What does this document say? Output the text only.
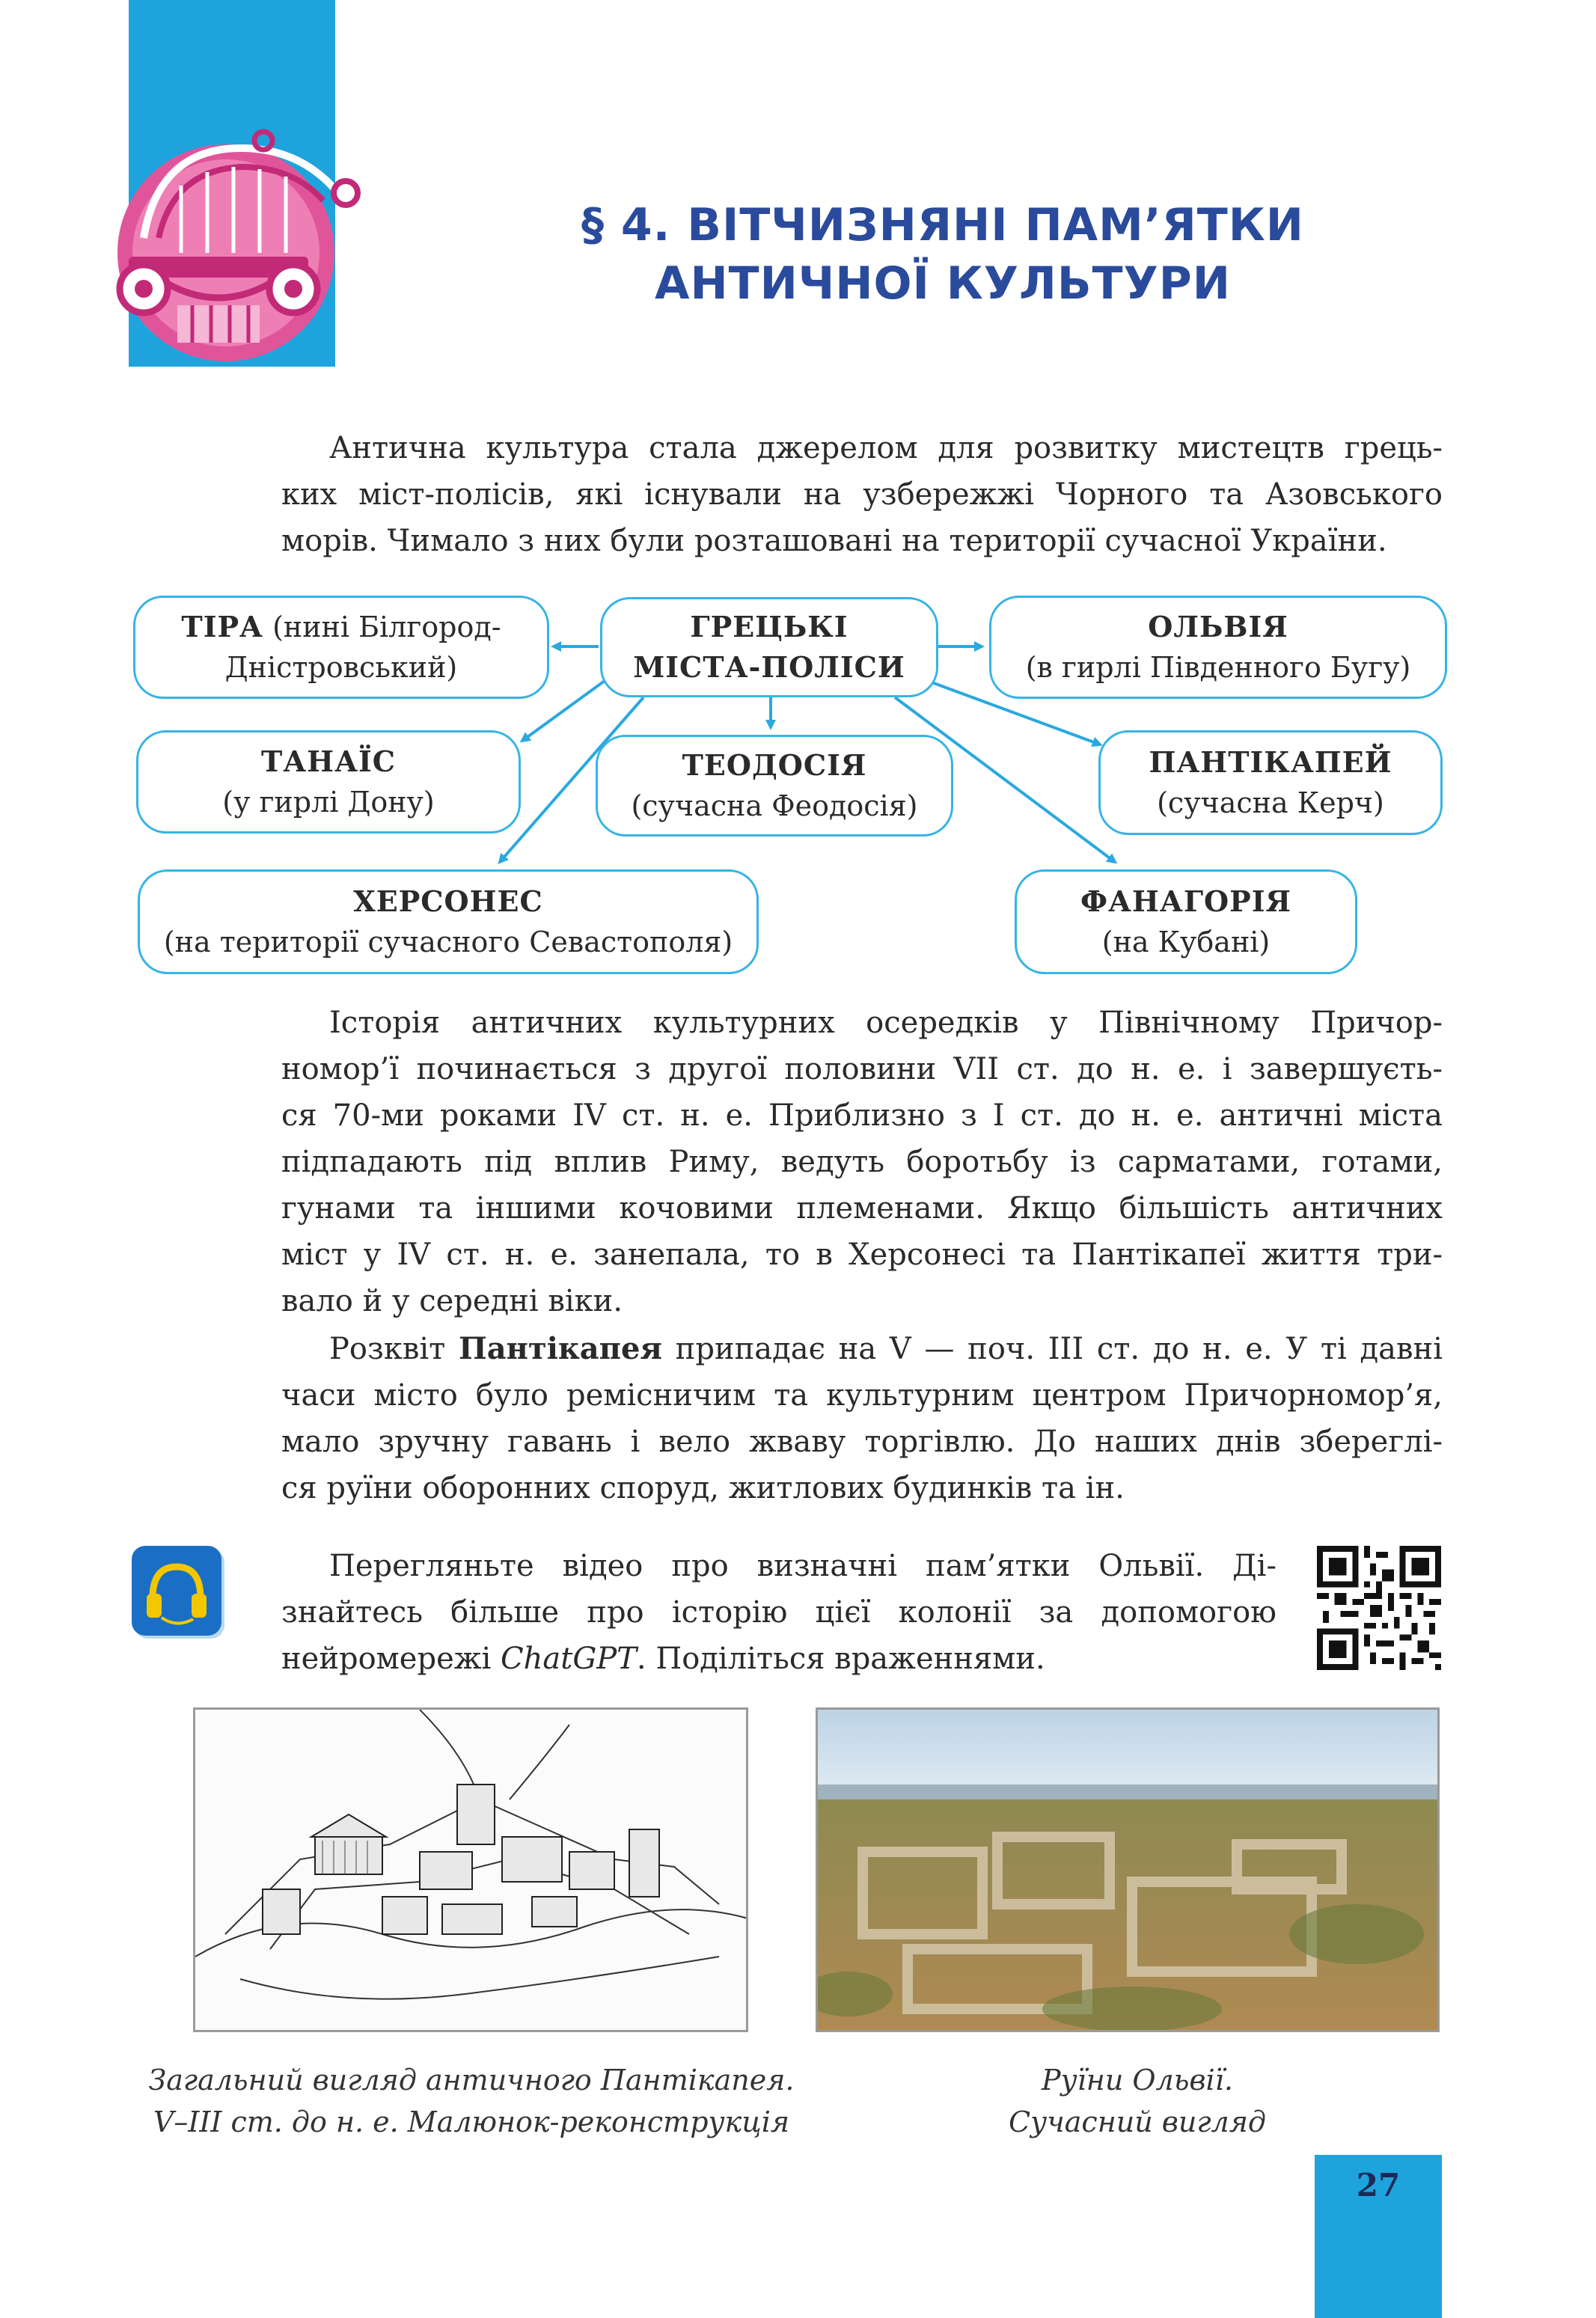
§ 4. ВІТЧИЗНЯНІ ПАМ’ЯТКИ
АНТИЧНОЇ КУЛЬТУРИ
Антична культура стала джерелом для розвитку мистецтв грець-
ких міст-полісів, які існували на узбережжі Чорного та Азовського
морів. Чимало з них були розташовані на території сучасної України.
ГРЕЦЬКІ
МІСТА-ПОЛІСИ
ТІРА (нині Білгород-
Дністровський)
ОЛЬВІЯ
(в гирлі Південного Бугу)
ТАНАЇС
(у гирлі Дону)
ТЕОДОСІЯ
(сучасна Феодосія)
ПАНТІКАПЕЙ
(сучасна Керч)
ХЕРСОНЕС
(на території сучасного Севастополя)
ФАНАГОРІЯ
(на Кубані)
Історія античних культурних осередків у Північному Причор-
номор’ї починається з другої половини VII ст. до н. е. і завершуєть-
ся 70-ми роками IV ст. н. е. Приблизно з I ст. до н. е. античні міста
підпадають під вплив Риму, ведуть боротьбу із сарматами, готами,
гунами та іншими кочовими племенами. Якщо більшість античних
міст у IV ст. н. е. занепала, то в Херсонесі та Пантікапеї життя три-
вало й у середні віки.
Розквіт Пантікапея припадає на V — поч. III ст. до н. е. У ті давні
часи місто було ремісничим та культурним центром Причорномор’я,
мало зручну гавань і вело жваву торгівлю. До наших днів збереглі-
ся руїни оборонних споруд, житлових будинків та ін.
Перегляньте відео про визначні пам’ятки Ольвії. Ді-
знайтесь більше про історію цієї колонії за допомогою
нейромережі ChatGPT. Поділіться враженнями.
Загальний вигляд античного Пантікапея.
V–III ст. до н. е. Малюнок-реконструкція
Руїни Ольвії.
Сучасний вигляд
27
